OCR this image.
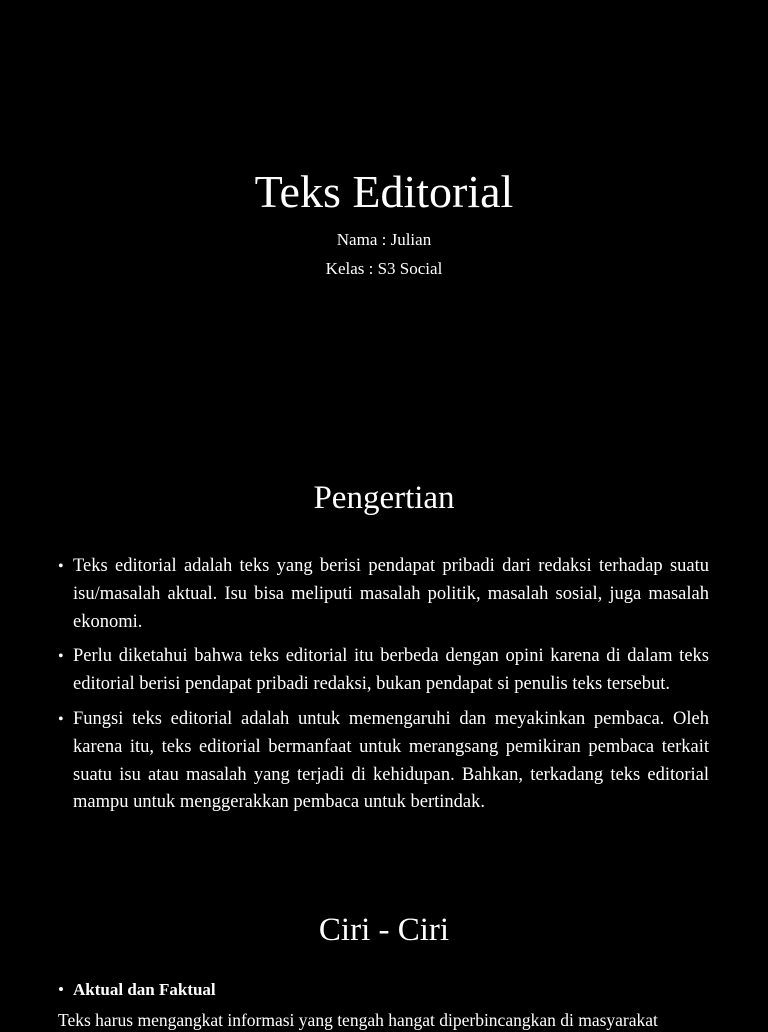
Teks Editorial
Nama : Julian
Kelas : S3 Social
Pengertian
• Teks editorial adalah teks yang berisi pendapat pribadi dari redaksi terhadap suatu isu/masalah aktual. Isu bisa meliputi masalah politik, masalah sosial, juga masalah ekonomi.
• Perlu diketahui bahwa teks editorial itu berbeda dengan opini karena di dalam teks editorial berisi pendapat pribadi redaksi, bukan pendapat si penulis teks tersebut.
• Fungsi teks editorial adalah untuk memengaruhi dan meyakinkan pembaca. Oleh karena itu, teks editorial bermanfaat untuk merangsang pemikiran pembaca terkait suatu isu atau masalah yang terjadi di kehidupan. Bahkan, terkadang teks editorial mampu untuk menggerakkan pembaca untuk bertindak.
Ciri - Ciri
• Aktual dan Faktual
Teks harus mengangkat informasi yang tengah hangat diperbincangkan di masyarakat
